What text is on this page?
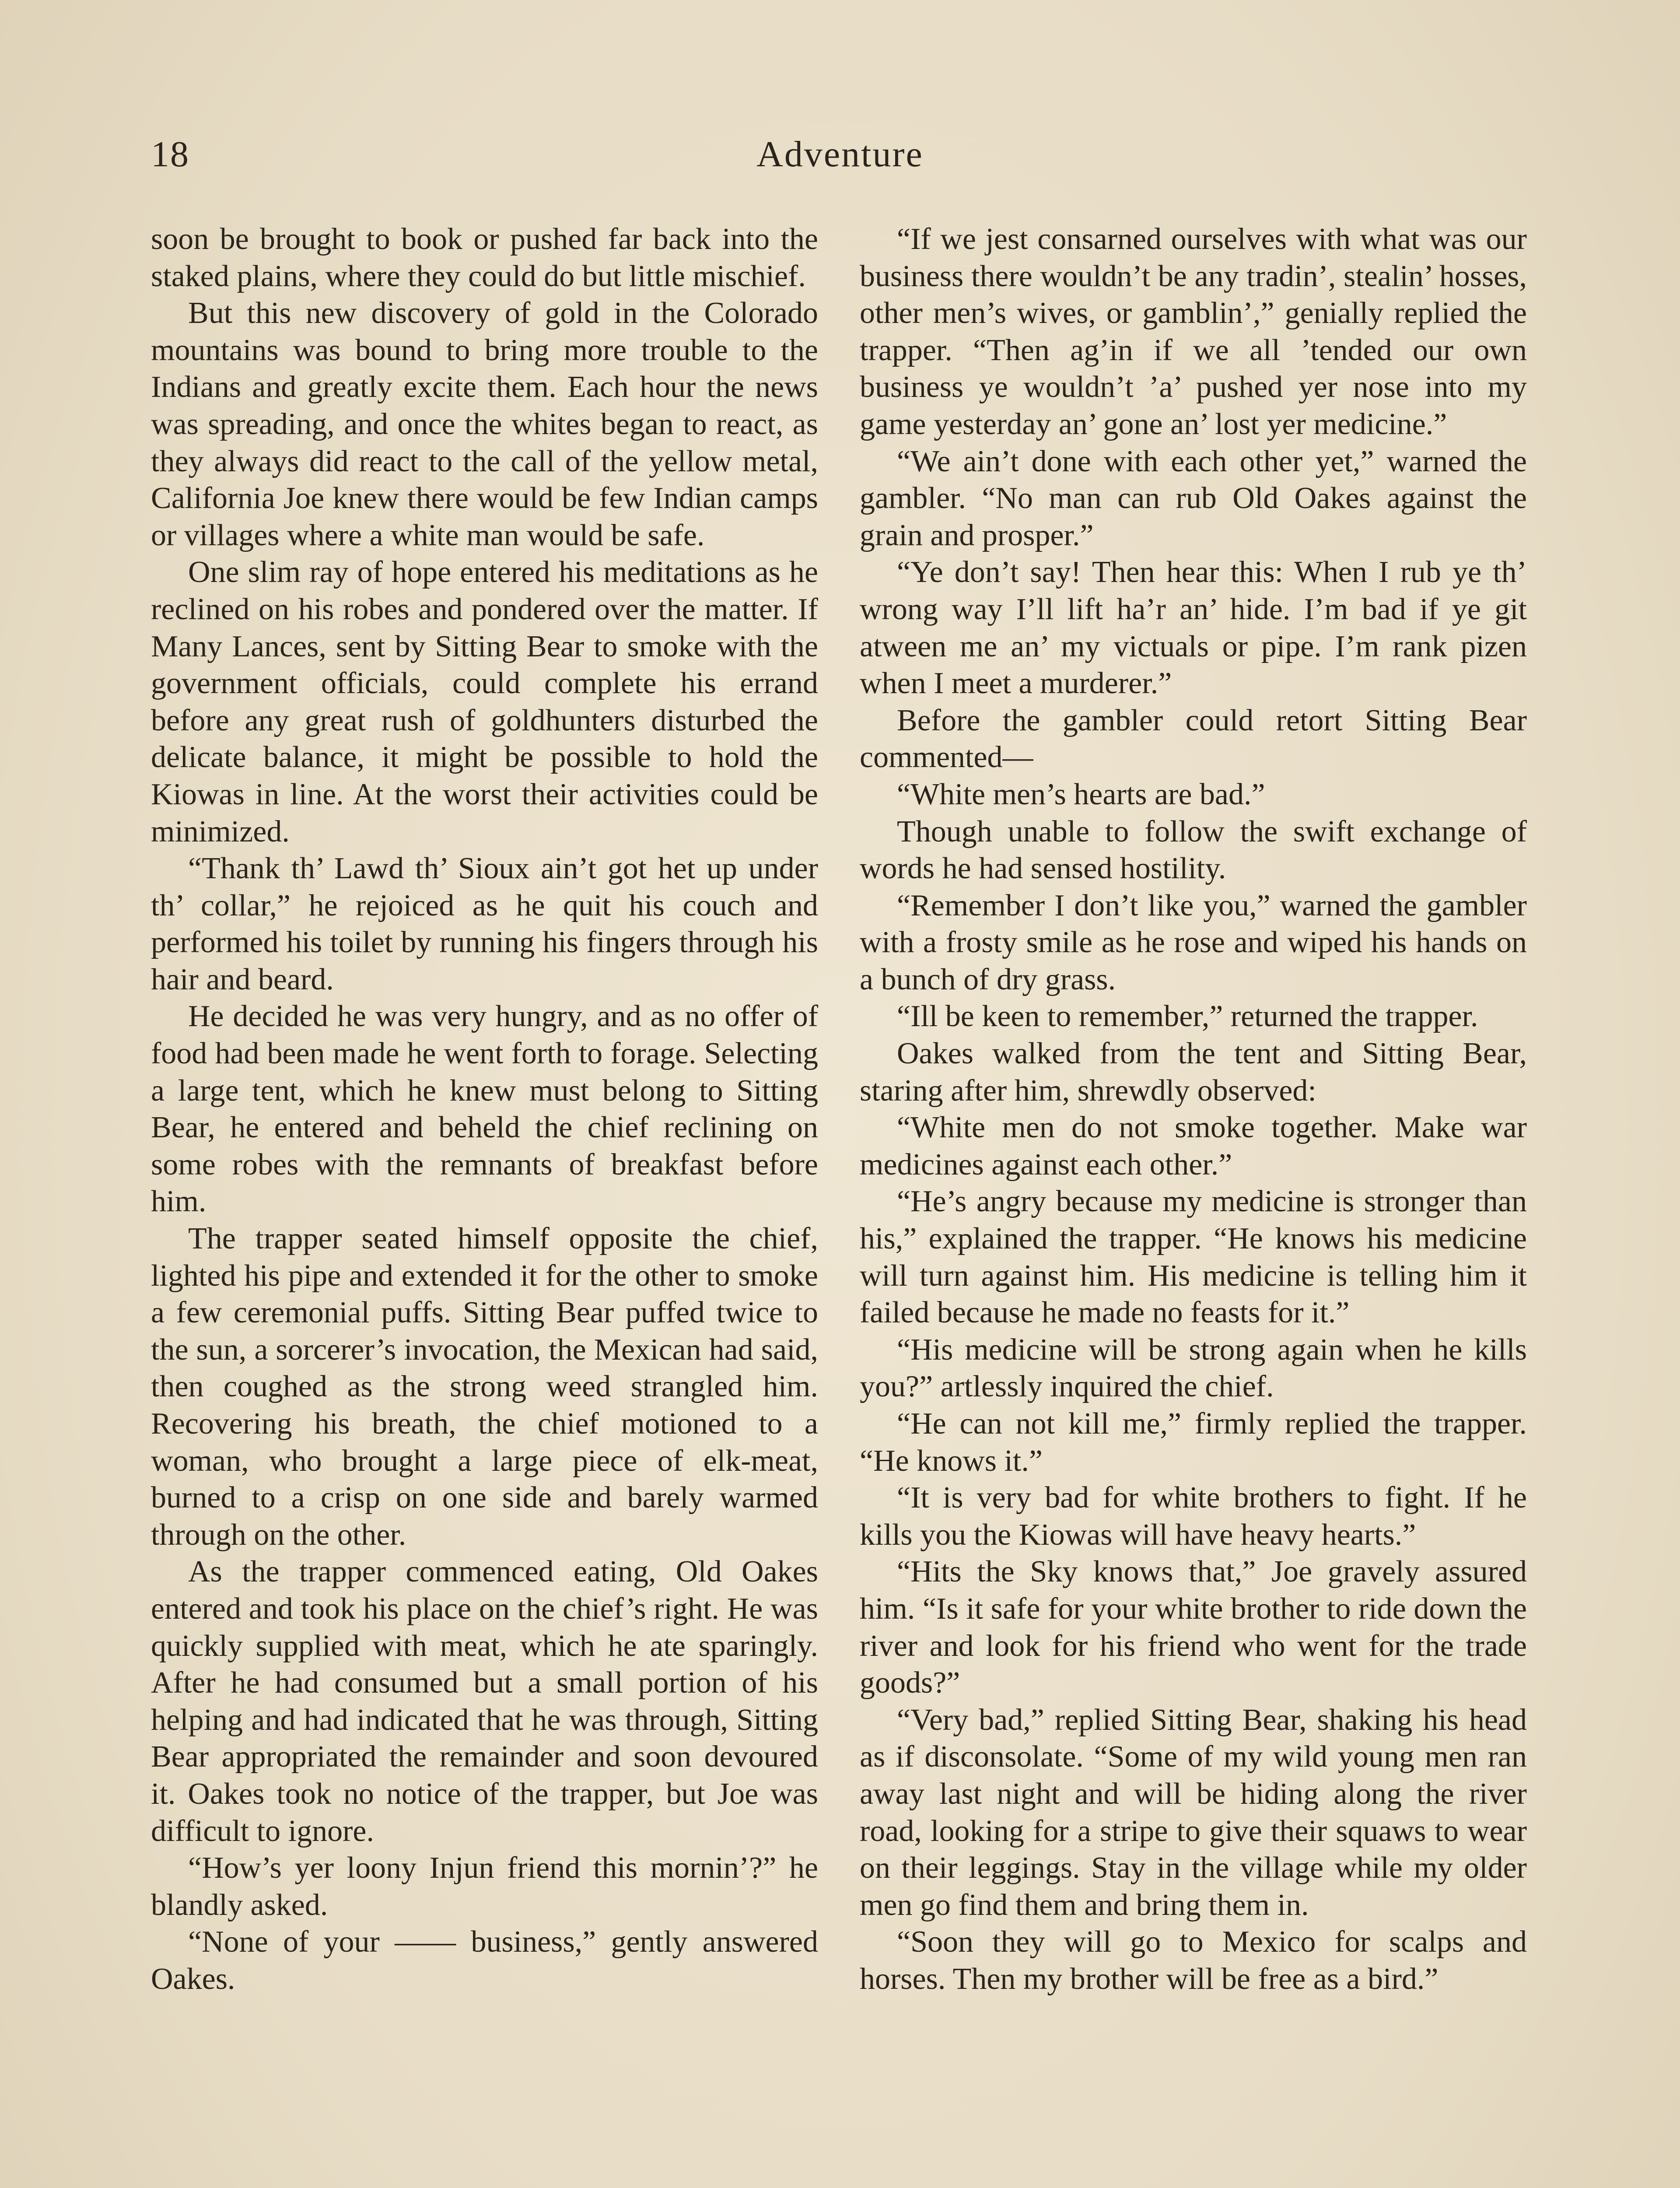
18	Adventure

soon be brought to book or pushed far back into the staked plains, where they could do but little mischief.

But this new discovery of gold in the Colorado mountains was bound to bring more trouble to the Indians and greatly excite them. Each hour the news was spreading, and once the whites began to react, as they always did react to the call of the yellow metal, California Joe knew there would be few Indian camps or villages where a white man would be safe.

One slim ray of hope entered his meditations as he reclined on his robes and pondered over the matter. If Many Lances, sent by Sitting Bear to smoke with the government officials, could complete his errand before any great rush of goldhunters disturbed the delicate balance, it might be possible to hold the Kiowas in line. At the worst their activities could be minimized.

“Thank th’ Lawd th’ Sioux ain’t got het up under th’ collar,” he rejoiced as he quit his couch and performed his toilet by running his fingers through his hair and beard.

He decided he was very hungry, and as no offer of food had been made he went forth to forage. Selecting a large tent, which he knew must belong to Sitting Bear, he entered and beheld the chief reclining on some robes with the remnants of breakfast before him.

The trapper seated himself opposite the chief, lighted his pipe and extended it for the other to smoke a few ceremonial puffs. Sitting Bear puffed twice to the sun, a sorcerer’s invocation, the Mexican had said, then coughed as the strong weed strangled him. Recovering his breath, the chief motioned to a woman, who brought a large piece of elk-meat, burned to a crisp on one side and barely warmed through on the other.

As the trapper commenced eating, Old Oakes entered and took his place on the chief’s right. He was quickly supplied with meat, which he ate sparingly. After he had consumed but a small portion of his helping and had indicated that he was through, Sitting Bear appropriated the remainder and soon devoured it. Oakes took no notice of the trapper, but Joe was difficult to ignore.

“How’s yer loony Injun friend this mornin’?” he blandly asked.

“None of your —— business,” gently answered Oakes.

“If we jest consarned ourselves with what was our business there wouldn’t be any tradin’, stealin’ hosses, other men’s wives, or gamblin’,” genially replied the trapper. “Then ag’in if we all ’tended our own business ye wouldn’t ’a’ pushed yer nose into my game yesterday an’ gone an’ lost yer medicine.”

“We ain’t done with each other yet,” warned the gambler. “No man can rub Old Oakes against the grain and prosper.”

“Ye don’t say! Then hear this: When I rub ye th’ wrong way I’ll lift ha’r an’ hide. I’m bad if ye git atween me an’ my victuals or pipe. I’m rank pizen when I meet a murderer.”

Before the gambler could retort Sitting Bear commented—

“White men’s hearts are bad.”

Though unable to follow the swift exchange of words he had sensed hostility.

“Remember I don’t like you,” warned the gambler with a frosty smile as he rose and wiped his hands on a bunch of dry grass.

“Ill be keen to remember,” returned the trapper.

Oakes walked from the tent and Sitting Bear, staring after him, shrewdly observed:

“White men do not smoke together. Make war medicines against each other.”

“He’s angry because my medicine is stronger than his,” explained the trapper. “He knows his medicine will turn against him. His medicine is telling him it failed because he made no feasts for it.”

“His medicine will be strong again when he kills you?” artlessly inquired the chief.

“He can not kill me,” firmly replied the trapper. “He knows it.”

“It is very bad for white brothers to fight. If he kills you the Kiowas will have heavy hearts.”

“Hits the Sky knows that,” Joe gravely assured him. “Is it safe for your white brother to ride down the river and look for his friend who went for the trade goods?”

“Very bad,” replied Sitting Bear, shaking his head as if disconsolate. “Some of my wild young men ran away last night and will be hiding along the river road, looking for a stripe to give their squaws to wear on their leggings. Stay in the village while my older men go find them and bring them in.

“Soon they will go to Mexico for scalps and horses. Then my brother will be free as a bird.”
